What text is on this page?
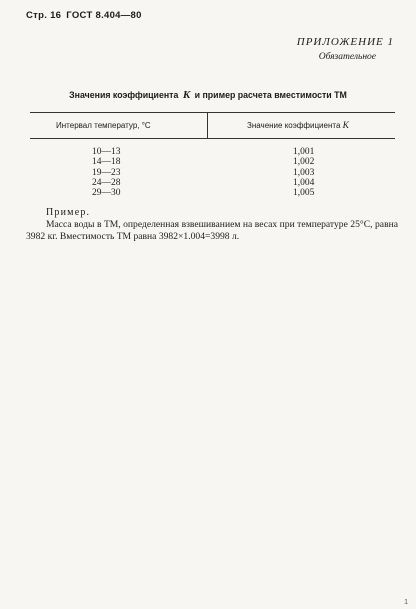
Стр. 16 ГОСТ 8.404—80
ПРИЛОЖЕНИЕ 1
Обязательное
Значения коэффициента K и пример расчета вместимости ТМ
Интервал температур, °С	Значение коэффициента K
10—13
14—18
19—23
24—28
29—30
1,001
1,002
1,003
1,004
1,005
Пример.
Масса воды в ТМ, определенная взвешиванием на весах при температуре 25°С, равна 3982 кг. Вместимость ТМ равна 3982×1.004=3998 л.
1
